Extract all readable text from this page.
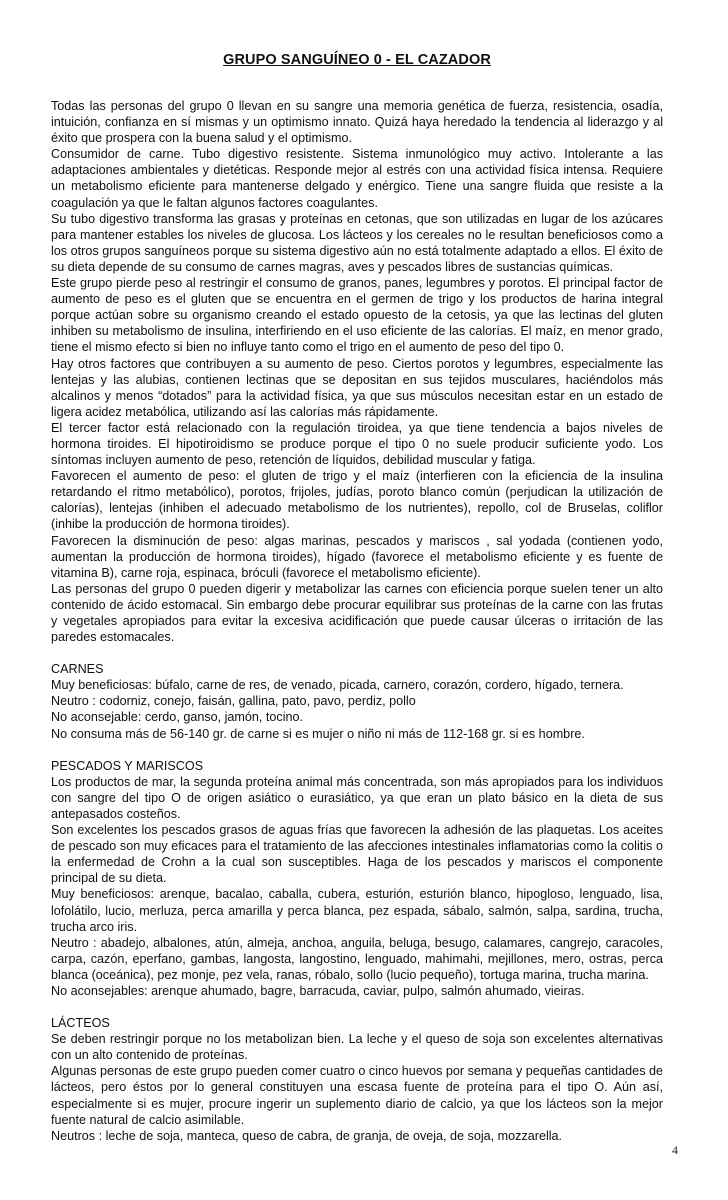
GRUPO SANGUÍNEO 0 - EL CAZADOR

Todas las personas del grupo 0 llevan en su sangre una memoria genética de fuerza, resistencia, osadía, intuición, confianza en sí mismas y un optimismo innato. Quizá haya heredado la tendencia al liderazgo y al éxito que prospera con la buena salud y el optimismo.

Consumidor de carne. Tubo digestivo resistente. Sistema inmunológico muy activo. Intolerante a las adaptaciones ambientales y dietéticas. Responde mejor al estrés con una actividad física intensa. Requiere un metabolismo eficiente para mantenerse delgado y enérgico. Tiene una sangre fluida que resiste a la coagulación ya que le faltan algunos factores coagulantes.

Su tubo digestivo transforma las grasas y proteínas en cetonas, que son utilizadas en lugar de los azúcares para mantener estables los niveles de glucosa. Los lácteos y los cereales no le resultan beneficiosos como a los otros grupos sanguíneos porque su sistema digestivo aún no está totalmente adaptado a ellos. El éxito de su dieta depende de su consumo de carnes magras, aves y pescados libres de sustancias químicas.

Este grupo pierde peso al restringir el consumo de granos, panes, legumbres y porotos. El principal factor de aumento de peso es el gluten que se encuentra en el germen de trigo y los productos de harina integral porque actúan sobre su organismo creando el estado opuesto de la cetosis, ya que las lectinas del gluten inhiben su metabolismo de insulina, interfiriendo en el uso eficiente de las calorías. El maíz, en menor grado, tiene el mismo efecto si bien no influye tanto como el trigo en el aumento de peso del tipo 0.

Hay otros factores que contribuyen a su aumento de peso. Ciertos porotos y legumbres, especialmente las lentejas y las alubias, contienen lectinas que se depositan en sus tejidos musculares, haciéndolos más alcalinos y menos “dotados” para la actividad física, ya que sus músculos necesitan estar en un estado de ligera acidez metabólica, utilizando así las calorías más rápidamente.

El tercer factor está relacionado con la regulación tiroidea, ya que tiene tendencia a bajos niveles de hormona tiroides. El hipotiroidismo se produce porque el tipo 0 no suele producir suficiente yodo. Los síntomas incluyen aumento de peso, retención de líquidos, debilidad muscular y fatiga.

Favorecen el aumento de peso: el gluten de trigo y el maíz (interfieren con la eficiencia de la insulina retardando el ritmo metabólico), porotos, frijoles, judías, poroto blanco común (perjudican la utilización de calorías), lentejas (inhiben el adecuado metabolismo de los nutrientes), repollo, col de Bruselas, coliflor (inhibe la producción de hormona tiroides).

Favorecen la disminución de peso: algas marinas, pescados y mariscos , sal yodada (contienen yodo, aumentan la producción de hormona tiroides), hígado (favorece el metabolismo eficiente y es fuente de vitamina B), carne roja, espinaca, bróculi (favorece el metabolismo eficiente).

Las personas del grupo 0 pueden digerir y metabolizar las carnes con eficiencia porque suelen tener un alto contenido de ácido estomacal. Sin embargo debe procurar equilibrar sus proteínas de la carne con las frutas y vegetales apropiados para evitar la excesiva acidificación que puede causar úlceras o irritación de las paredes estomacales.

CARNES

Muy beneficiosas: búfalo, carne de res, de venado, picada, carnero, corazón, cordero, hígado, ternera.

Neutro : codorniz, conejo, faisán, gallina, pato, pavo, perdiz, pollo

No aconsejable: cerdo, ganso, jamón, tocino.

No consuma más de 56-140 gr. de carne si es mujer o niño ni más de 112-168 gr. si es hombre.

PESCADOS Y MARISCOS

Los productos de mar, la segunda proteína animal más concentrada, son más apropiados para los individuos con sangre del tipo O de origen asiático o eurasiático, ya que eran un plato básico en la dieta de sus antepasados costeños.

Son excelentes los pescados grasos de aguas frías que favorecen la adhesión de las plaquetas. Los aceites de pescado son muy eficaces para el tratamiento de las afecciones intestinales inflamatorias como la colitis o la enfermedad de Crohn a la cual son susceptibles. Haga de los pescados y mariscos el componente principal de su dieta.

Muy beneficiosos: arenque, bacalao, caballa, cubera, esturión, esturión blanco, hipogloso, lenguado, lisa, lofolátilo, lucio, merluza, perca amarilla y perca blanca, pez espada, sábalo, salmón, salpa, sardina, trucha, trucha arco iris.

Neutro : abadejo, albalones, atún, almeja, anchoa, anguila, beluga, besugo, calamares, cangrejo, caracoles, carpa, cazón, eperfano, gambas, langosta, langostino, lenguado, mahimahi, mejillones, mero, ostras, perca blanca (oceánica), pez monje, pez vela, ranas, róbalo, sollo (lucio pequeño), tortuga marina, trucha marina.

No aconsejables: arenque ahumado, bagre, barracuda, caviar, pulpo, salmón ahumado, vieiras.

LÁCTEOS

Se deben restringir porque no los metabolizan bien. La leche y el queso de soja son excelentes alternativas con un alto contenido de proteínas.

Algunas personas de este grupo pueden comer cuatro o cinco huevos por semana y pequeñas cantidades de lácteos, pero éstos por lo general constituyen una escasa fuente de proteína para el tipo O. Aún así, especialmente si es mujer, procure ingerir un suplemento diario de calcio, ya que los lácteos son la mejor fuente natural de calcio asimilable.

Neutros : leche de soja, manteca, queso de cabra, de granja, de oveja, de soja, mozzarella.

4
